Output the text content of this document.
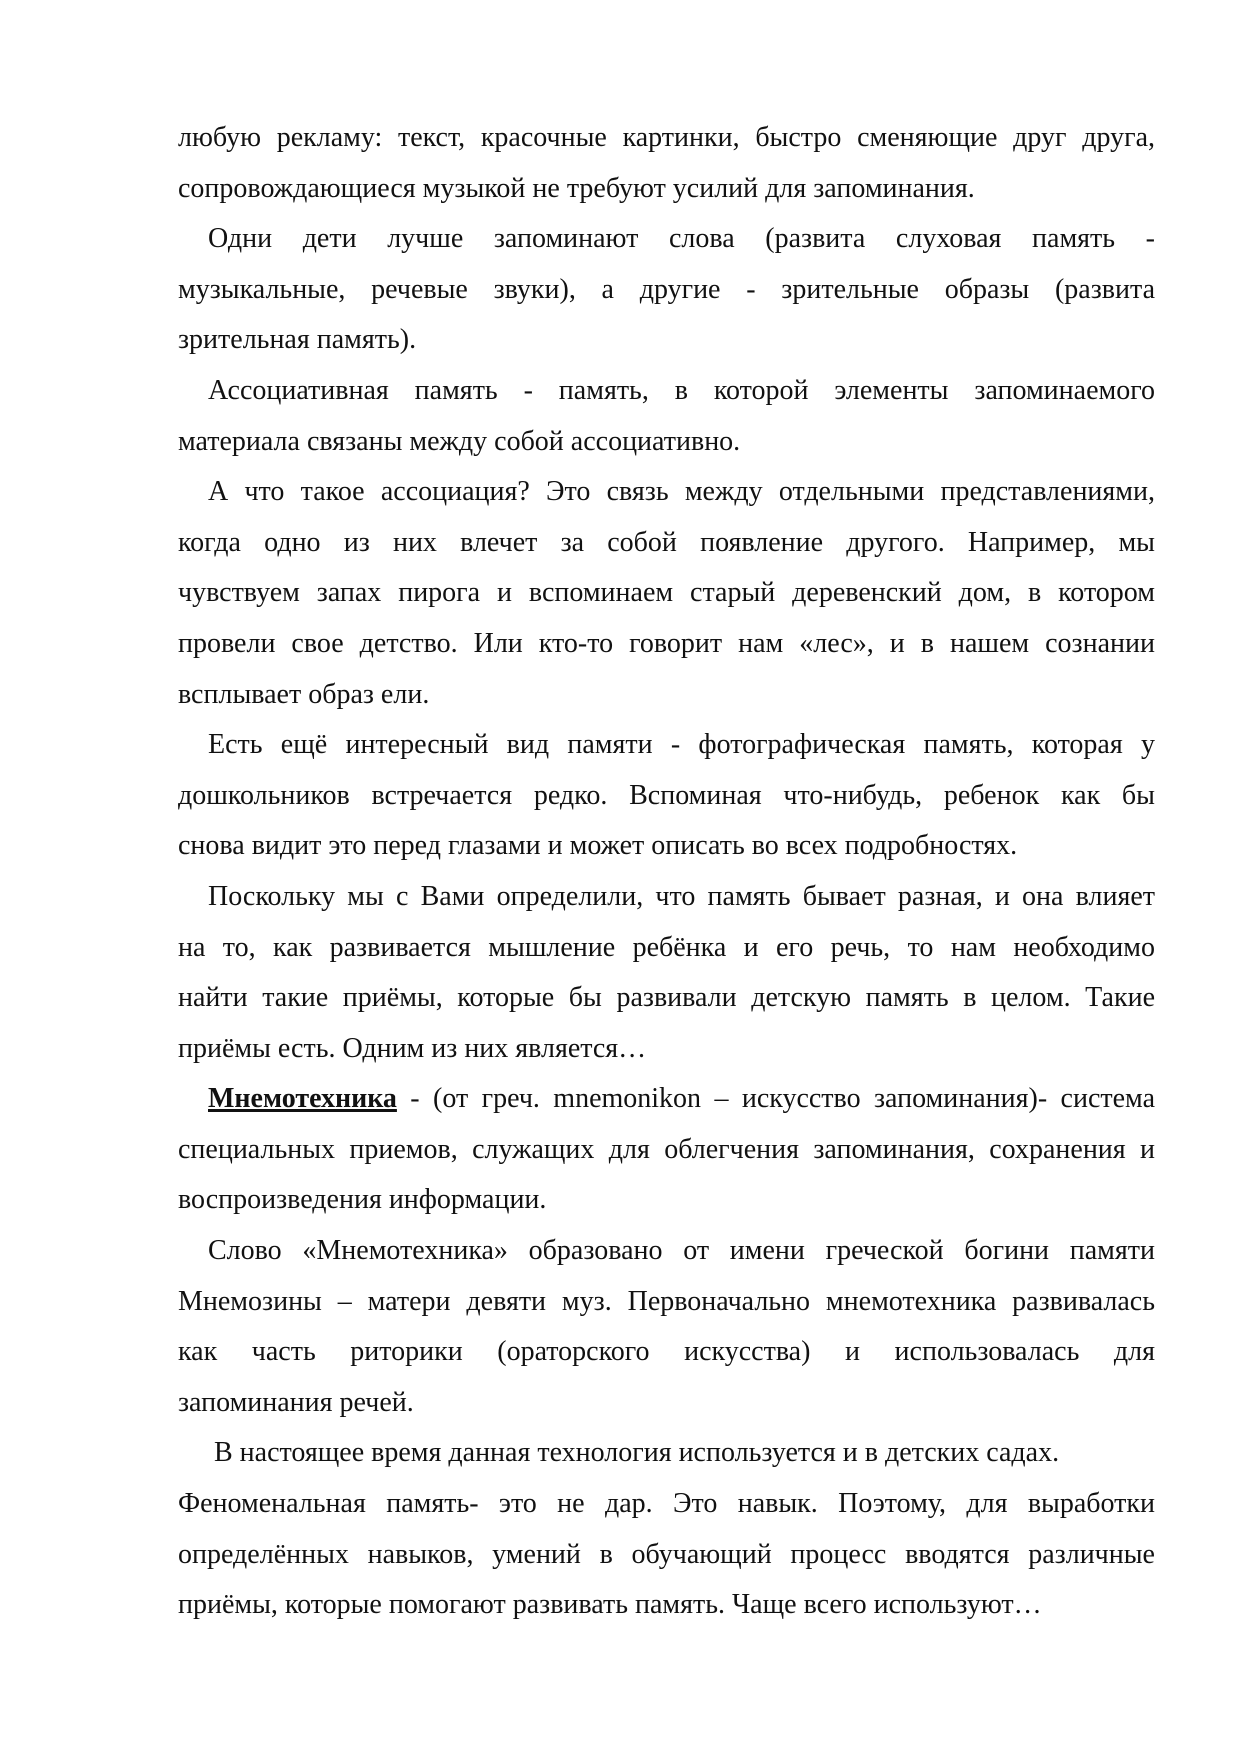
любую рекламу: текст, красочные картинки, быстро сменяющие друг друга,
сопровождающиеся музыкой не требуют усилий для запоминания.
Одни дети лучше запоминают слова (развита слуховая память -
музыкальные, речевые звуки), а другие - зрительные образы (развита
зрительная память).
Ассоциативная память - память, в которой элементы запоминаемого
материала связаны между собой ассоциативно.
А что такое ассоциация? Это связь между отдельными представлениями,
когда одно из них влечет за собой появление другого. Например, мы
чувствуем запах пирога и вспоминаем старый деревенский дом, в котором
провели свое детство. Или кто-то говорит нам «лес», и в нашем сознании
всплывает образ ели.
Есть ещё интересный вид памяти - фотографическая память, которая у
дошкольников встречается редко. Вспоминая что-нибудь, ребенок как бы
снова видит это перед глазами и может описать во всех подробностях.
Поскольку мы с Вами определили, что память бывает разная, и она влияет
на то, как развивается мышление ребёнка и его речь, то нам необходимо
найти такие приёмы, которые бы развивали детскую память в целом. Такие
приёмы есть. Одним из них является…
Мнемотехника - (от греч. mnemonikon – искусство запоминания)- система
специальных приемов, служащих для облегчения запоминания, сохранения и
воспроизведения информации.
Слово «Мнемотехника» образовано от имени греческой богини памяти
Мнемозины – матери девяти муз. Первоначально мнемотехника развивалась
как часть риторики (ораторского искусства) и использовалась для
запоминания речей.
В настоящее время данная технология используется и в детских садах.
Феноменальная память- это не дар. Это навык. Поэтому, для выработки
определённых навыков, умений в обучающий процесс вводятся различные
приёмы, которые помогают развивать память. Чаще всего используют…
